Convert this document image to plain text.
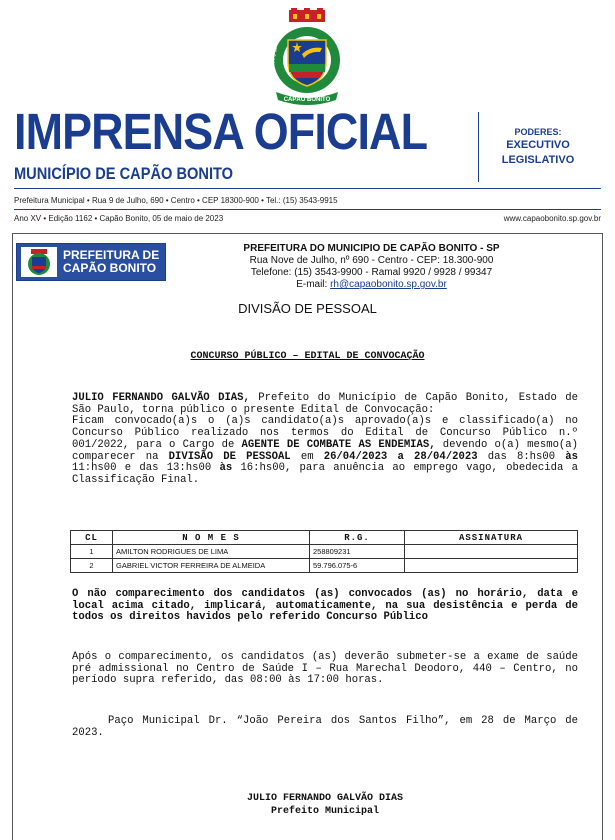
24-6-1843	30-3-1846
CAPÃO BONITO
IMPRENSA OFICIAL
MUNICÍPIO DE CAPÃO BONITO
PODERES:
EXECUTIVO
LEGISLATIVO
Prefeitura Municipal • Rua 9 de Julho, 690 • Centro • CEP 18300-900 • Tel.: (15) 3543-9915
Ano XV • Edição 1162 • Capão Bonito, 05 de maio de 2023	www.capaobonito.sp.gov.br
PREFEITURA DE
CAPÃO BONITO
PREFEITURA DO MUNICIPIO DE CAPÃO BONITO - SP
Rua Nove de Julho, nº 690 - Centro - CEP: 18.300-900
Telefone: (15) 3543-9900 - Ramal 9920 / 9928 / 99347
E-mail: rh@capaobonito.sp.gov.br
DIVISÃO DE PESSOAL
CONCURSO PÚBLICO – EDITAL DE CONVOCAÇÃO
JULIO FERNANDO GALVÃO DIAS, Prefeito do Município de Capão Bonito, Estado de São Paulo, torna público o presente Edital de Convocação:
Ficam convocado(a)s o (a)s candidato(a)s aprovado(a)s e classificado(a) no Concurso Público realizado nos termos do Edital de Concurso Público n.º 001/2022, para o Cargo de AGENTE DE COMBATE AS ENDEMIAS, devendo o(a) mesmo(a) comparecer na DIVISÃO DE PESSOAL em 26/04/2023 a 28/04/2023 das 8:hs00 às 11:hs00 e das 13:hs00 às 16:hs00, para anuência ao emprego vago, obedecida a Classificação Final.
CL	N O M E S	R.G.	ASSINATURA
1	AMILTON RODRIGUES DE LIMA	258809231	
2	GABRIEL VICTOR FERREIRA DE ALMEIDA	59.796.075-6	
O não comparecimento dos candidatos (as) convocados (as) no horário, data e local acima citado, implicará, automaticamente, na sua desistência e perda de todos os direitos havidos pelo referido Concurso Público
Após o comparecimento, os candidatos (as) deverão submeter-se a exame de saúde pré admissional no Centro de Saúde I – Rua Marechal Deodoro, 440 – Centro, no período supra referido, das 08:00 às 17:00 horas.
Paço Municipal Dr. “João Pereira dos Santos Filho”, em 28 de Março de 2023.
JULIO FERNANDO GALVÃO DIAS
Prefeito Municipal
